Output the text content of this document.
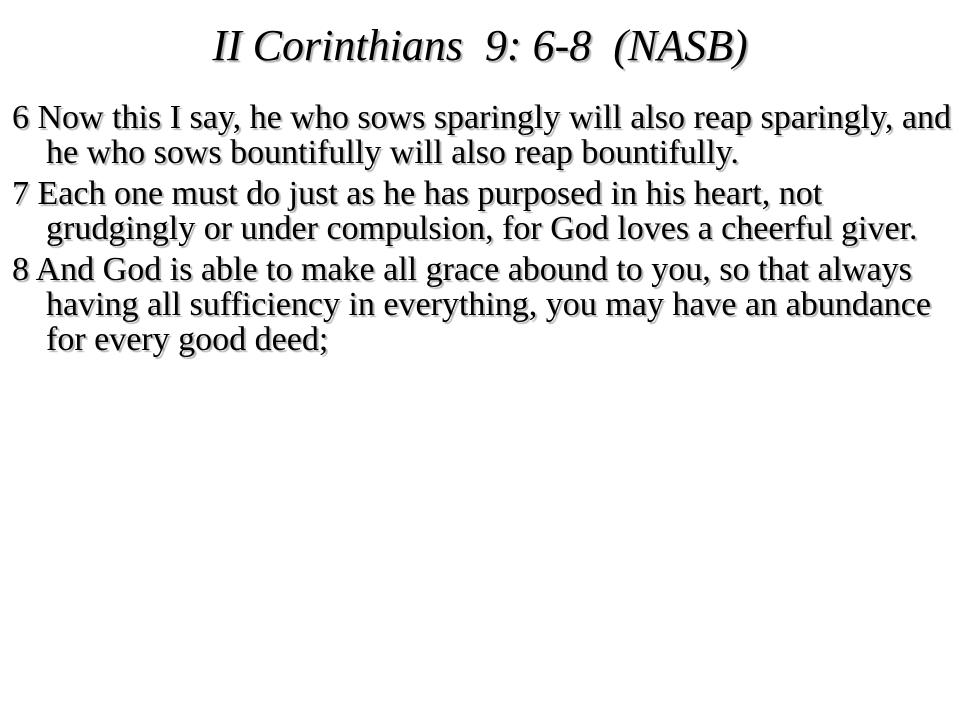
II Corinthians  9: 6-8  (NASB)

6 Now this I say, he who sows sparingly will also reap sparingly, and he who sows bountifully will also reap bountifully.

7 Each one must do just as he has purposed in his heart, not grudgingly or under compulsion, for God loves a cheerful giver.

8 And God is able to make all grace abound to you, so that always having all sufficiency in everything, you may have an abundance for every good deed;
